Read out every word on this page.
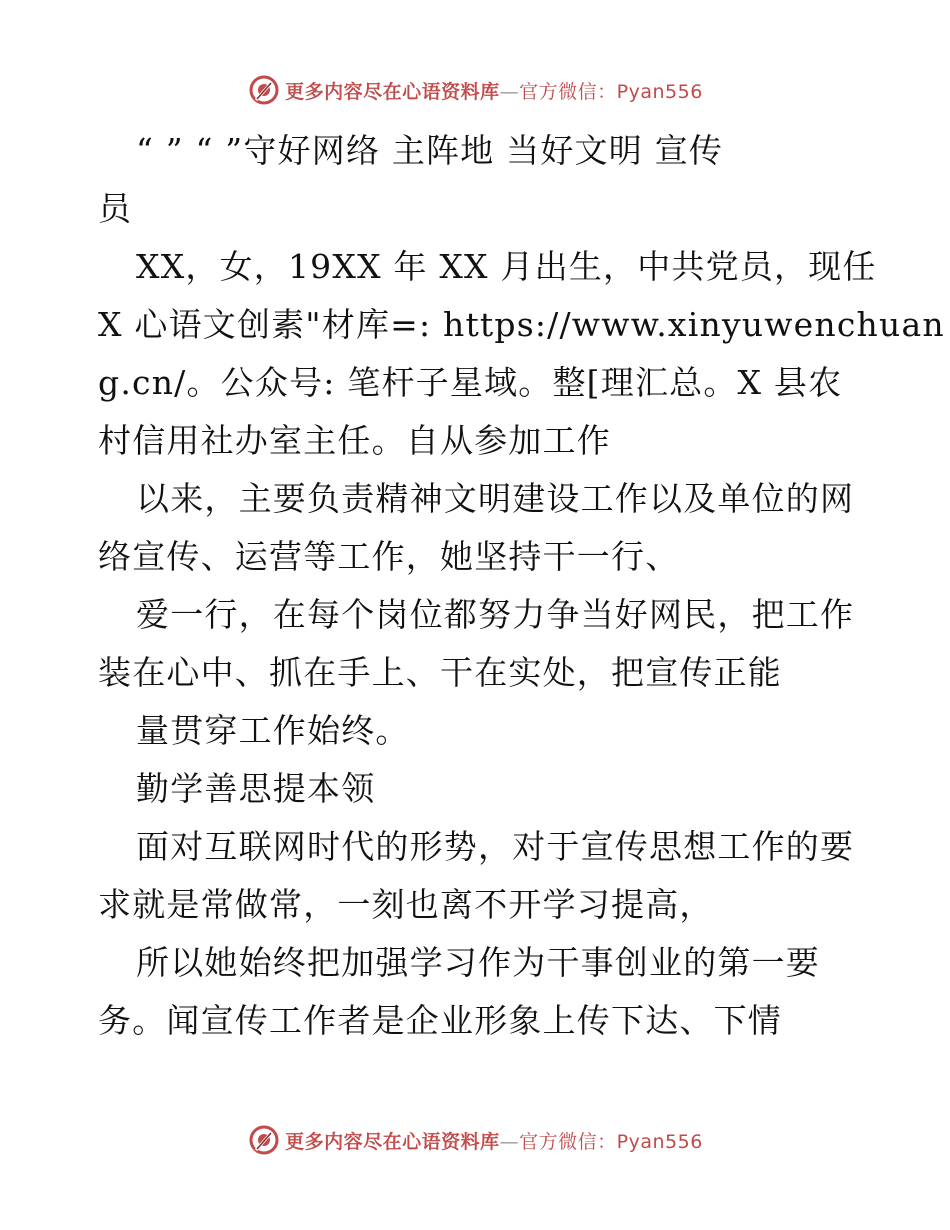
更多内容尽在心语资料库—官方微信：Pyan556
“ ” “ ”守好网络 主阵地 当好文明 宣传
员
XX，女，19XX 年 XX 月出生，中共党员，现任
X 心语文创素"材库=: https://www.xinyuwenchuan
g.cn/。公众号: 笔杆子星域。整[理汇总。X 县农
村信用社办室主任。自从参加工作
以来，主要负责精神文明建设工作以及单位的网
络宣传、运营等工作，她坚持干一行、
爱一行，在每个岗位都努力争当好网民，把工作
装在心中、抓在手上、干在实处，把宣传正能
量贯穿工作始终。
勤学善思提本领
面对互联网时代的形势，对于宣传思想工作的要
求就是常做常，一刻也离不开学习提高，
所以她始终把加强学习作为干事创业的第一要
务。闻宣传工作者是企业形象上传下达、下情
更多内容尽在心语资料库—官方微信：Pyan556
